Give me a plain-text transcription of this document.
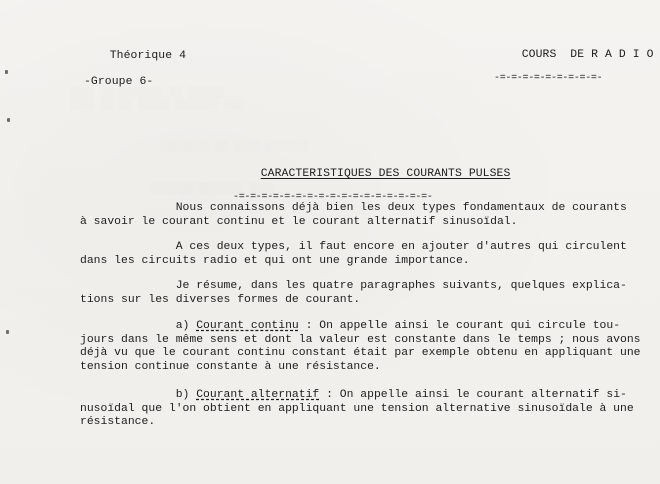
░░░░ ░░ ░░░░░░░ ░░ ░░░░░░
░░░░ ░░ ░░ ░░░░░ ░░░░░░░ ░░░
░░░░░░░░ ░░ ░░░░ ░░░░░░░
░░░░░░░ ░░░░░░░ ░░░░

Théorique 4

-Groupe 6-

COURS  DE R A D I O

-=-=-=-=-=-=-=-=-=-

CARACTERISTIQUES DES COURANTS PULSES

-=-=-=-=-=-=-=-=-=-=-=-=-=-=-=-=-=-

Nous connaissons déjà bien les deux types fondamentaux de courants
à savoir le courant continu et le courant alternatif sinusoïdal.
A ces deux types, il faut encore en ajouter d'autres qui circulent
dans les circuits radio et qui ont une grande importance.
Je résume, dans les quatre paragraphes suivants, quelques explica-
tions sur les diverses formes de courant.
a) Courant continu : On appelle ainsi le courant qui circule tou-
jours dans le même sens et dont la valeur est constante dans le temps ; nous avons
déjà vu que le courant continu constant était par exemple obtenu en appliquant une
tension continue constante à une résistance.
b) Courant alternatif : On appelle ainsi le courant alternatif si-
nusoïdal que l'on obtient en appliquant une tension alternative sinusoïdale à une
résistance.
